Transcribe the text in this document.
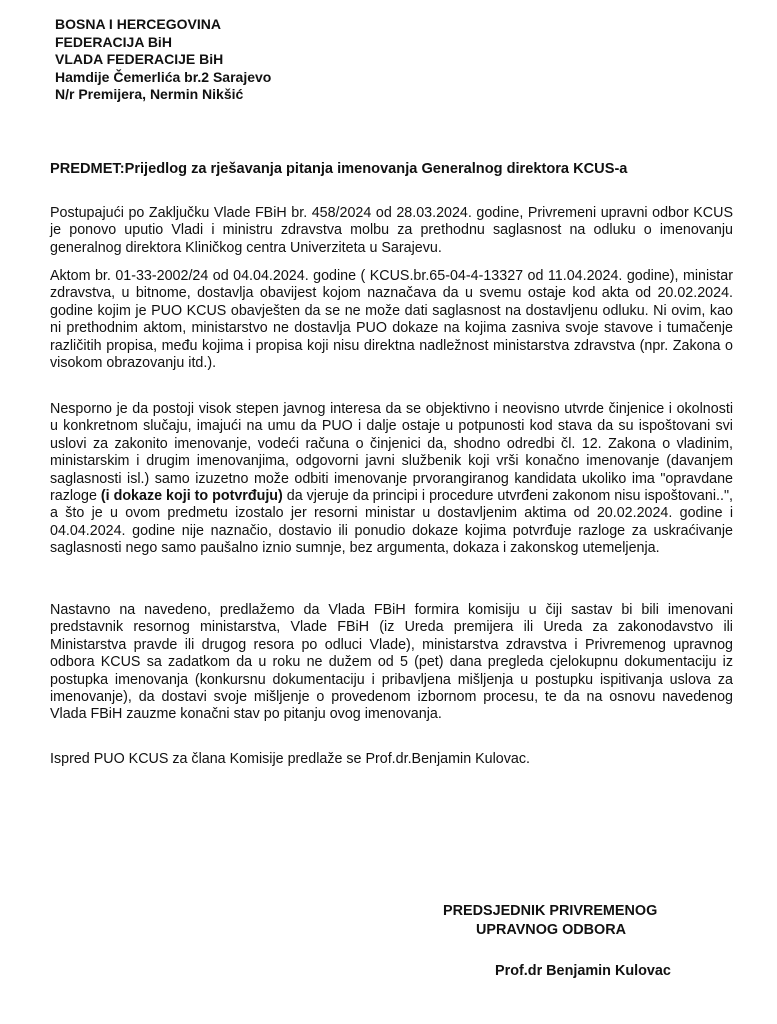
BOSNA I HERCEGOVINA
FEDERACIJA BiH
VLADA FEDERACIJE BiH
Hamdije Čemerlića br.2 Sarajevo
N/r Premijera, Nermin Nikšić
PREDMET:Prijedlog za rješavanja pitanja imenovanja Generalnog direktora KCUS-a
Postupajući po Zaključku Vlade FBiH br. 458/2024 od 28.03.2024. godine, Privremeni upravni odbor KCUS je ponovo uputio Vladi i ministru zdravstva molbu za prethodnu saglasnost na odluku o imenovanju generalnog direktora Kliničkog centra Univerziteta u Sarajevu.
Aktom br. 01-33-2002/24 od 04.04.2024. godine ( KCUS.br.65-04-4-13327 od 11.04.2024. godine), ministar zdravstva, u bitnome, dostavlja obavijest kojom naznačava da u svemu ostaje kod akta od 20.02.2024. godine kojim je PUO KCUS obavješten da se ne može dati saglasnost na dostavljenu odluku. Ni ovim, kao ni prethodnim aktom, ministarstvo ne dostavlja PUO dokaze na kojima zasniva svoje stavove i tumačenje različitih propisa, među kojima i propisa koji nisu direktna nadležnost ministarstva zdravstva (npr. Zakona o visokom obrazovanju itd.).
Nesporno je da postoji visok stepen javnog interesa da se objektivno i neovisno utvrde činjenice i okolnosti u konkretnom slučaju, imajući na umu da PUO i dalje ostaje u potpunosti kod stava da su ispoštovani svi uslovi za zakonito imenovanje, vodeći računa o činjenici da, shodno odredbi čl. 12. Zakona o vladinim, ministarskim i drugim imenovanjima, odgovorni javni službenik koji vrši konačno imenovanje (davanjem saglasnosti isl.) samo izuzetno može odbiti imenovanje prvorangiranog kandidata ukoliko ima "opravdane razloge (i dokaze koji to potvrđuju) da vjeruje da principi i procedure utvrđeni zakonom nisu ispoštovani..", a što je u ovom predmetu izostalo jer resorni ministar u dostavljenim aktima od 20.02.2024. godine i 04.04.2024. godine nije naznačio, dostavio ili ponudio dokaze kojima potvrđuje razloge za uskraćivanje saglasnosti nego samo paušalno iznio sumnje, bez argumenta, dokaza i zakonskog utemeljenja.
Nastavno na navedeno, predlažemo da Vlada FBiH formira komisiju u čiji sastav bi bili imenovani predstavnik resornog ministarstva, Vlade FBiH (iz Ureda premijera ili Ureda za zakonodavstvo ili Ministarstva pravde ili drugog resora po odluci Vlade), ministarstva zdravstva i Privremenog upravnog odbora KCUS sa zadatkom da u roku ne dužem od 5 (pet) dana pregleda cjelokupnu dokumentaciju iz postupka imenovanja (konkursnu dokumentaciju i pribavljena mišljenja u postupku ispitivanja uslova za imenovanje), da dostavi svoje mišljenje o provedenom izbornom procesu, te da na osnovu navedenog Vlada FBiH zauzme konačni stav po pitanju ovog imenovanja.
Ispred PUO KCUS za člana Komisije predlaže se Prof.dr.Benjamin Kulovac.
PREDSJEDNIK PRIVREMENOG
UPRAVNOG ODBORA
Prof.dr Benjamin Kulovac
